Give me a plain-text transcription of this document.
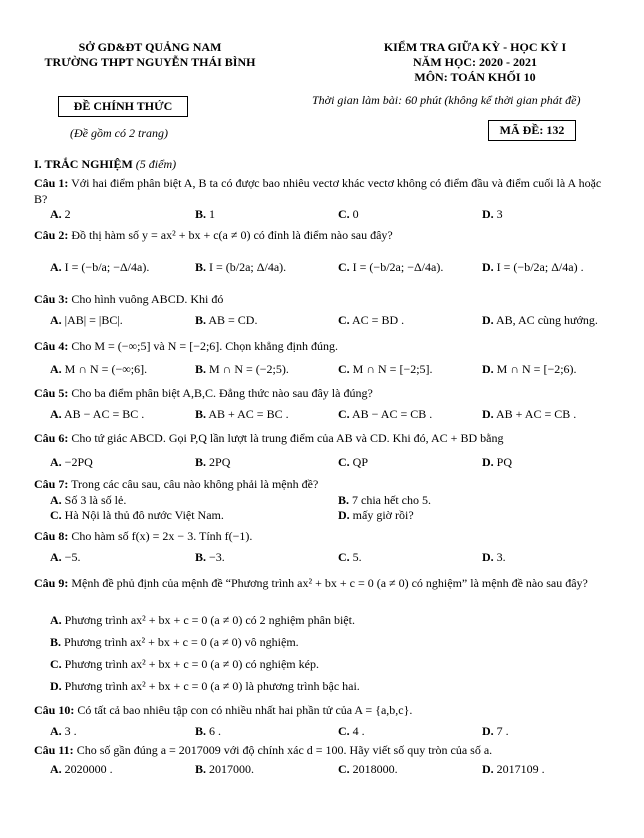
SỞ GD&ĐT QUẢNG NAM
TRƯỜNG THPT NGUYỄN THÁI BÌNH
KIỂM TRA GIỮA KỲ - HỌC KỲ I
NĂM HỌC: 2020 - 2021
MÔN: TOÁN KHỐI 10
Thời gian làm bài: 60 phút (không kể thời gian phát đề)
ĐỀ CHÍNH THỨC
(Đề gồm có 2 trang)	MÃ ĐỀ: 132
I. TRẮC NGHIỆM (5 điểm)
Câu 1: Với hai điểm phân biệt A, B ta có được bao nhiêu vectơ khác vectơ không có điểm đầu và điểm cuối là A hoặc B?
A. 2	B. 1	C. 0	D. 3
Câu 2: Đồ thị hàm số y = ax² + bx + c(a ≠ 0) có đỉnh là điểm nào sau đây?
A. I = (−b/a; −Δ/4a).	B. I = (b/2a; Δ/4a).	C. I = (−b/2a; −Δ/4a).	D. I = (−b/2a; Δ/4a) .
Câu 3: Cho hình vuông ABCD. Khi đó
A. |AB| = |BC|.	B. AB = CD.	C. AC = BD .	D. AB, AC cùng hướng.
Câu 4: Cho M = (−∞;5] và N = [−2;6]. Chọn khẳng định đúng.
A. M ∩ N = (−∞;6].	B. M ∩ N = (−2;5).	C. M ∩ N = [−2;5].	D. M ∩ N = [−2;6).
Câu 5: Cho ba điểm phân biệt A,B,C. Đẳng thức nào sau đây là đúng?
A. AB − AC = BC .	B. AB + AC = BC .	C. AB − AC = CB .	D. AB + AC = CB .
Câu 6: Cho tứ giác ABCD. Gọi P,Q lần lượt là trung điểm của AB và CD. Khi đó, AC + BD bằng
A. −2PQ	B. 2PQ	C. QP	D. PQ
Câu 7: Trong các câu sau, câu nào không phải là mệnh đề?
A. Số 3 là số lẻ.	B. 7 chia hết cho 5.
C. Hà Nội là thủ đô nước Việt Nam.	D. mấy giờ rồi?
Câu 8: Cho hàm số f(x) = 2x − 3. Tính f(−1).
A. −5.	B. −3.	C. 5.	D. 3.
Câu 9: Mệnh đề phủ định của mệnh đề “Phương trình ax² + bx + c = 0 (a ≠ 0) có nghiệm” là mệnh đề nào sau đây?
A. Phương trình ax² + bx + c = 0 (a ≠ 0) có 2 nghiệm phân biệt.
B. Phương trình ax² + bx + c = 0 (a ≠ 0) vô nghiệm.
C. Phương trình ax² + bx + c = 0 (a ≠ 0) có nghiệm kép.
D. Phương trình ax² + bx + c = 0 (a ≠ 0) là phương trình bậc hai.
Câu 10: Có tất cả bao nhiêu tập con có nhiều nhất hai phần tử của A = {a,b,c}.
A. 3 .	B. 6 .	C. 4 .	D. 7 .
Câu 11: Cho số gần đúng a = 2017009 với độ chính xác d = 100. Hãy viết số quy tròn của số a.
A. 2020000 .	B. 2017000.	C. 2018000.	D. 2017109 .
